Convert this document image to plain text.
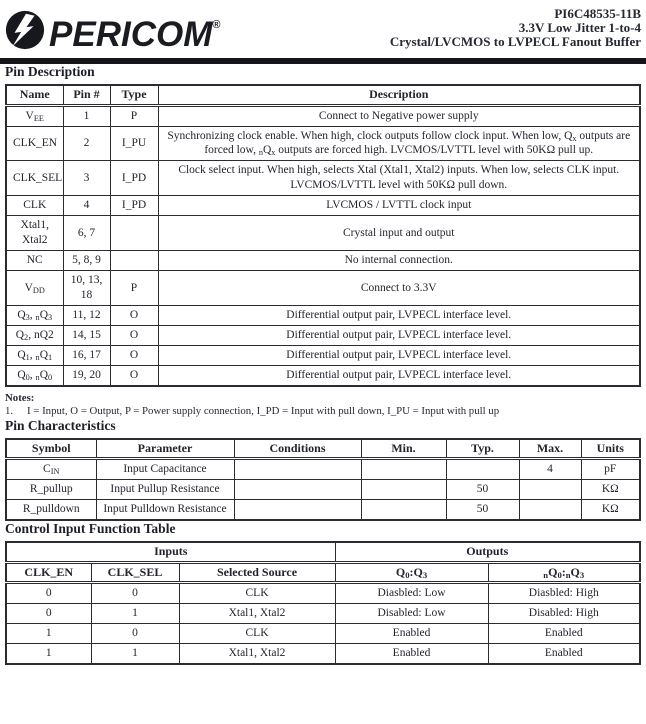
PERICOM®
PI6C48535-11B
3.3V Low Jitter 1-to-4
Crystal/LVCMOS to LVPECL Fanout Buffer
Pin Description
Name	Pin #	Type	Description
$V_{EE}$	1	P	Connect to Negative power supply
CLK_EN	2	I_PU	Synchronizing clock enable. When high, clock outputs follow clock input. When low, $Q_x$ outputs are forced low, $_nQ_x$ outputs are forced high. LVCMOS/LVTTL level with 50KΩ pull up.
CLK_SEL	3	I_PD	Clock select input. When high, selects Xtal (Xtal1, Xtal2) inputs. When low, selects CLK input. LVCMOS/LVTTL level with 50KΩ pull down.
CLK	4	I_PD	LVCMOS / LVTTL clock input
Xtal1, Xtal2	6, 7		Crystal input and output
NC	5, 8, 9		No internal connection.
$V_{DD}$	10, 13, 18	P	Connect to 3.3V
$Q_3$, $_nQ_3$	11, 12	O	Differential output pair, LVPECL interface level.
$Q_2$, nQ2	14, 15	O	Differential output pair, LVPECL interface level.
$Q_1$, $_nQ_1$	16, 17	O	Differential output pair, LVPECL interface level.
$Q_0$, $_nQ_0$	19, 20	O	Differential output pair, LVPECL interface level.
Notes:
1. I = Input, O = Output, P = Power supply connection, I_PD = Input with pull down, I_PU = Input with pull up
Pin Characteristics
Symbol	Parameter	Conditions	Min.	Typ.	Max.	Units
$C_{IN}$	Input Capacitance				4	pF
R_pullup	Input Pullup Resistance			50		KΩ
R_pulldown	Input Pulldown Resistance			50		KΩ
Control Input Function Table
Inputs			Outputs	
CLK_EN	CLK_SEL	Selected Source	$Q_0:Q_3$	$_nQ_0:_nQ_3$
0	0	CLK	Diasbled: Low	Diasbled: High
0	1	Xtal1, Xtal2	Disabled: Low	Disabled: High
1	0	CLK	Enabled	Enabled
1	1	Xtal1, Xtal2	Enabled	Enabled
